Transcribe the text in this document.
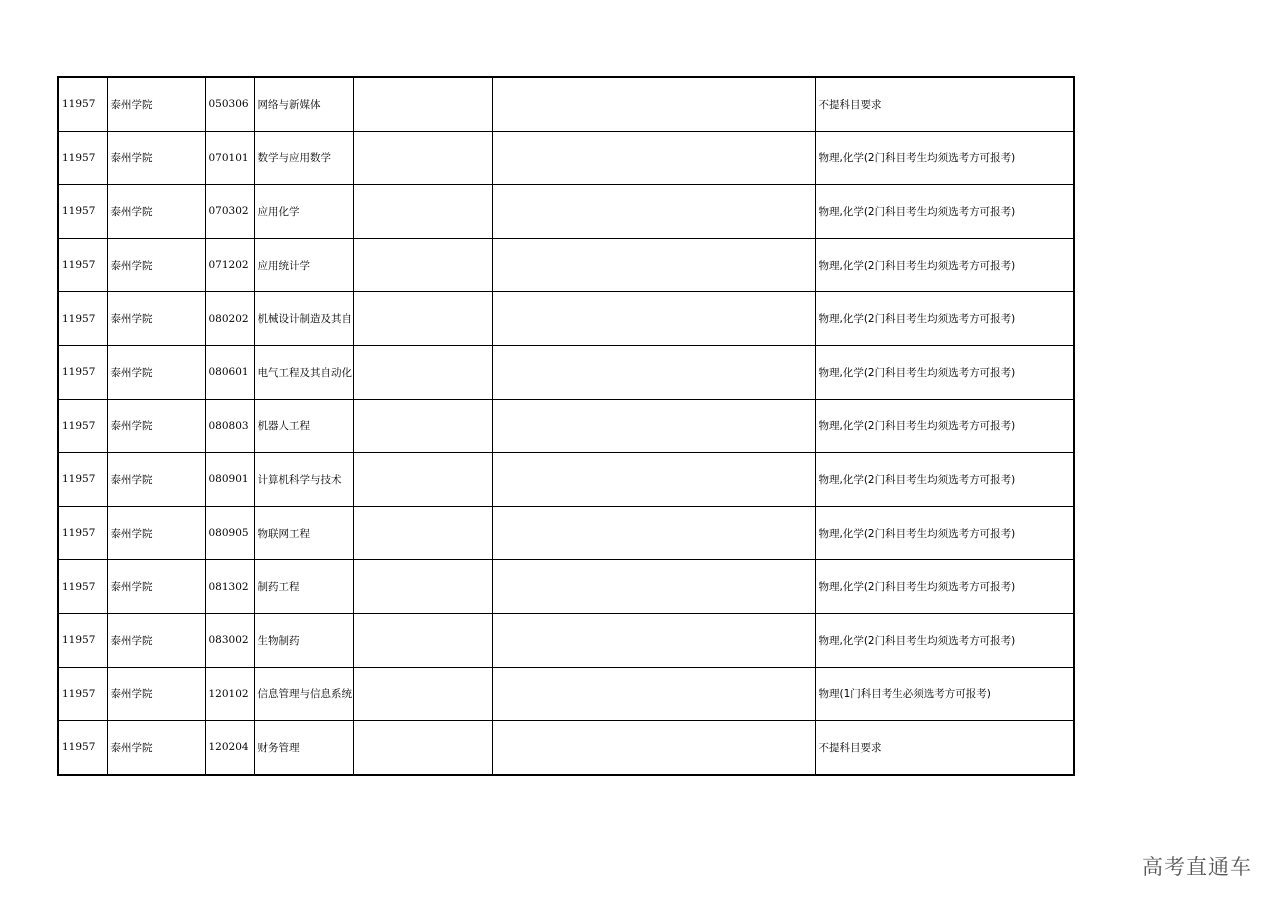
11957	泰州学院	050306	网络与新媒体			不提科目要求
11957	泰州学院	070101	数学与应用数学			物理,化学(2门科目考生均须选考方可报考)
11957	泰州学院	070302	应用化学			物理,化学(2门科目考生均须选考方可报考)
11957	泰州学院	071202	应用统计学			物理,化学(2门科目考生均须选考方可报考)
11957	泰州学院	080202	机械设计制造及其自			物理,化学(2门科目考生均须选考方可报考)
11957	泰州学院	080601	电气工程及其自动化			物理,化学(2门科目考生均须选考方可报考)
11957	泰州学院	080803	机器人工程			物理,化学(2门科目考生均须选考方可报考)
11957	泰州学院	080901	计算机科学与技术			物理,化学(2门科目考生均须选考方可报考)
11957	泰州学院	080905	物联网工程			物理,化学(2门科目考生均须选考方可报考)
11957	泰州学院	081302	制药工程			物理,化学(2门科目考生均须选考方可报考)
11957	泰州学院	083002	生物制药			物理,化学(2门科目考生均须选考方可报考)
11957	泰州学院	120102	信息管理与信息系统			物理(1门科目考生必须选考方可报考)
11957	泰州学院	120204	财务管理			不提科目要求
高考直通车
